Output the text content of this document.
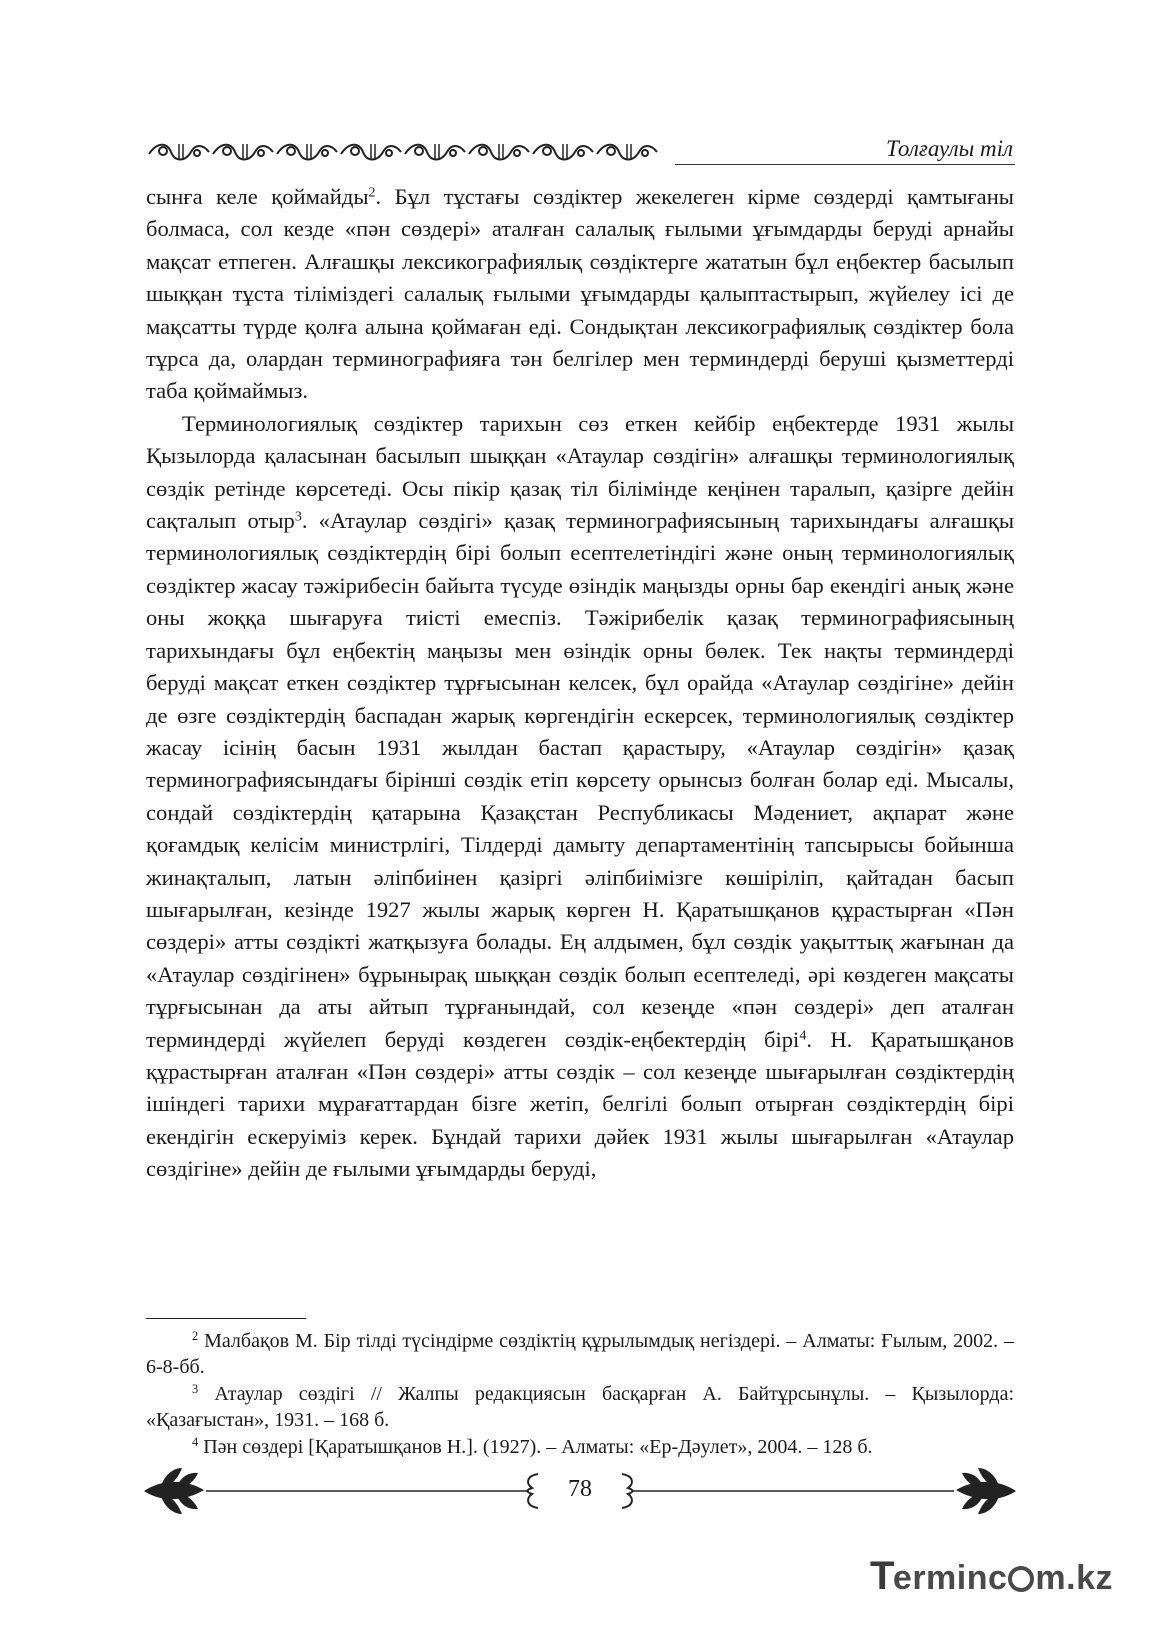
Толғаулы тіл

сынға келе қоймайды$^2$. Бұл тұстағы сөздіктер жекелеген кірме сөздерді қамтығаны болмаса, сол кезде «пән сөздері» аталған салалық ғылыми ұғымдарды беруді арнайы мақсат етпеген. Алғашқы лексикографиялық сөздіктерге жататын бұл еңбектер басылып шыққан тұста тіліміздегі салалық ғылыми ұғымдарды қалыптастырып, жүйелеу ісі де мақсатты түрде қолға алына қоймаған еді. Сондықтан лексикографиялық сөздіктер бола тұрса да, олардан терминографияға тән белгілер мен терминдерді беруші қызметтерді таба қоймаймыз.

Терминологиялық сөздіктер тарихын сөз еткен кейбір еңбектерде 1931 жылы Қызылорда қаласынан басылып шыққан «Атаулар сөздігін» алғашқы терминологиялық сөздік ретінде көрсетеді. Осы пікір қазақ тіл білімінде кеңінен таралып, қазірге дейін сақталып отыр$^3$. «Атаулар сөздігі» қазақ терминографиясының тарихындағы алғашқы терминологиялық сөздіктердің бірі болып есептелетіндігі және оның терминологиялық сөздіктер жасау тәжірибесін байыта түсуде өзіндік маңызды орны бар екендігі анық және оны жоққа шығаруға тиісті емеспіз. Тәжірибелік қазақ терминографиясының тарихындағы бұл еңбектің маңызы мен өзіндік орны бөлек. Тек нақты терминдерді беруді мақсат еткен сөздіктер тұрғысынан келсек, бұл орайда «Атаулар сөздігіне» дейін де өзге сөздіктердің баспадан жарық көргендігін ескерсек, терминологиялық сөздіктер жасау ісінің басын 1931 жылдан бастап қарастыру, «Атаулар сөздігін» қазақ терминографиясындағы бірінші сөздік етіп көрсету орынсыз болған болар еді. Мысалы, сондай сөздіктердің қатарына Қазақстан Республикасы Мәдениет, ақпарат және қоғамдық келісім министрлігі, Тілдерді дамыту департаментінің тапсырысы бойынша жинақталып, латын әліпбиінен қазіргі әліпбиімізге көшіріліп, қайтадан басып шығарылған, кезінде 1927 жылы жарық көрген Н. Қаратышқанов құрастырған «Пән сөздері» атты сөздікті жатқызуға болады. Ең алдымен, бұл сөздік уақыттық жағынан да «Атаулар сөздігінен» бұрынырақ шыққан сөздік болып есептеледі, әрі көздеген мақсаты тұрғысынан да аты айтып тұрғанындай, сол кезеңде «пән сөздері» деп аталған терминдерді жүйелеп беруді көздеген сөздік-еңбектердің бірі$^4$. Н. Қаратышқанов құрастырған аталған «Пән сөздері» атты сөздік – сол кезеңде шығарылған сөздіктердің ішіндегі тарихи мұрағаттардан бізге жетіп, белгілі болып отырған сөздіктердің бірі екендігін ескеруіміз керек. Бұндай тарихи дәйек 1931 жылы шығарылған «Атаулар сөздігіне» дейін де ғылыми ұғымдарды беруді,

$^2$ Малбақов М. Бір тілді түсіндірме сөздіктің құрылымдық негіздері. – Алматы: Ғылым, 2002. – 6-8-бб.

$^3$ Атаулар сөздігі // Жалпы редакциясын басқарған А. Байтұрсынұлы. – Қызылорда: «Қазағыстан», 1931. – 168 б.

$^4$ Пән сөздері [Қаратышқанов Н.]. (1927). – Алматы: «Ер-Дәулет», 2004. – 128 б.

78
Terminc m.kz
